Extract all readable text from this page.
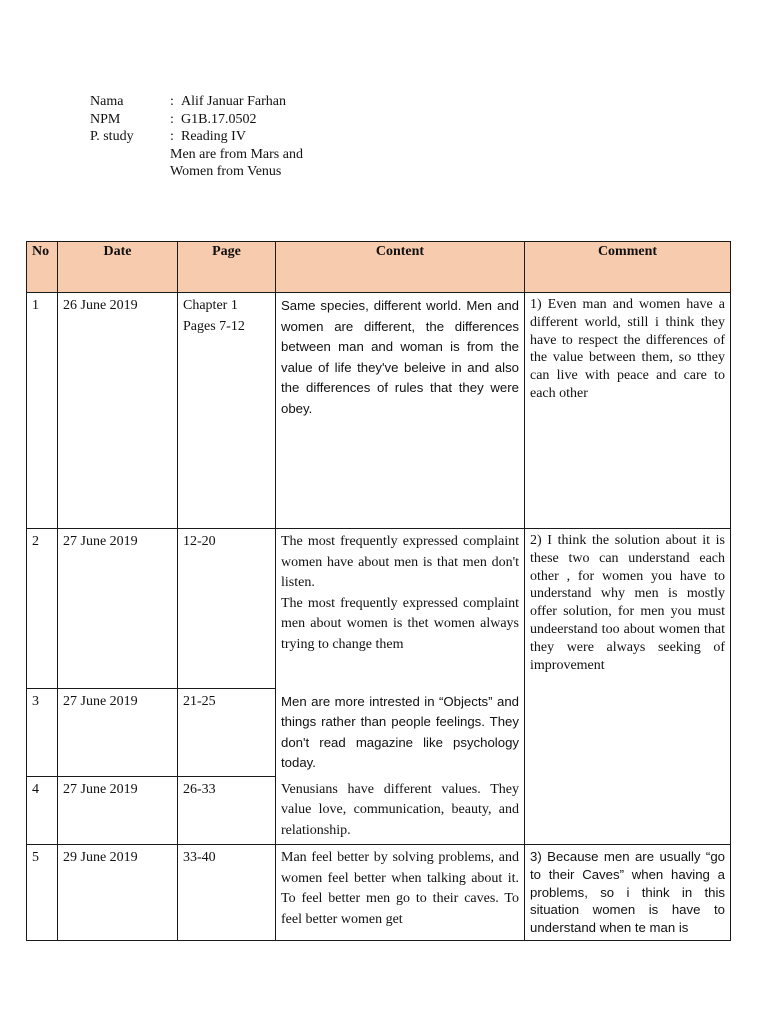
Nama	: Alif Januar Farhan
NPM	: G1B.17.0502
P. study	: Reading IV
Men are from Mars and
Women from Venus
No	Date	Page	Content	Comment
1	26 June 2019	Chapter 1
Pages 7-12	Same species, different world. Men and women are different, the differences between man and woman is from the value of life they've beleive in and also the differences of rules that they were obey.	1) Even man and women have a different world, still i think they have to respect the differences of the value between them, so tthey can live with peace and care to each other
2	27 June 2019	12-20	The most frequently expressed complaint women have about men is that men don't listen.
The most frequently expressed complaint men about women is thet women always trying to change them	2) I think the solution about it is these two can understand each other , for women you have to understand why men is mostly offer solution, for men you must undeerstand too about women that they were always seeking of improvement
3	27 June 2019	21-25	Men are more intrested in “Objects” and things rather than people feelings. They don't read magazine like psychology today.	
4	27 June 2019	26-33	Venusians have different values. They value love, communication, beauty, and relationship.	
5	29 June 2019	33-40	Man feel better by solving problems, and women feel better when talking about it. To feel better men go to their caves. To feel better women get	3) Because men are usually “go to their Caves” when having a problems, so i think in this situation women is have to understand when te man is
